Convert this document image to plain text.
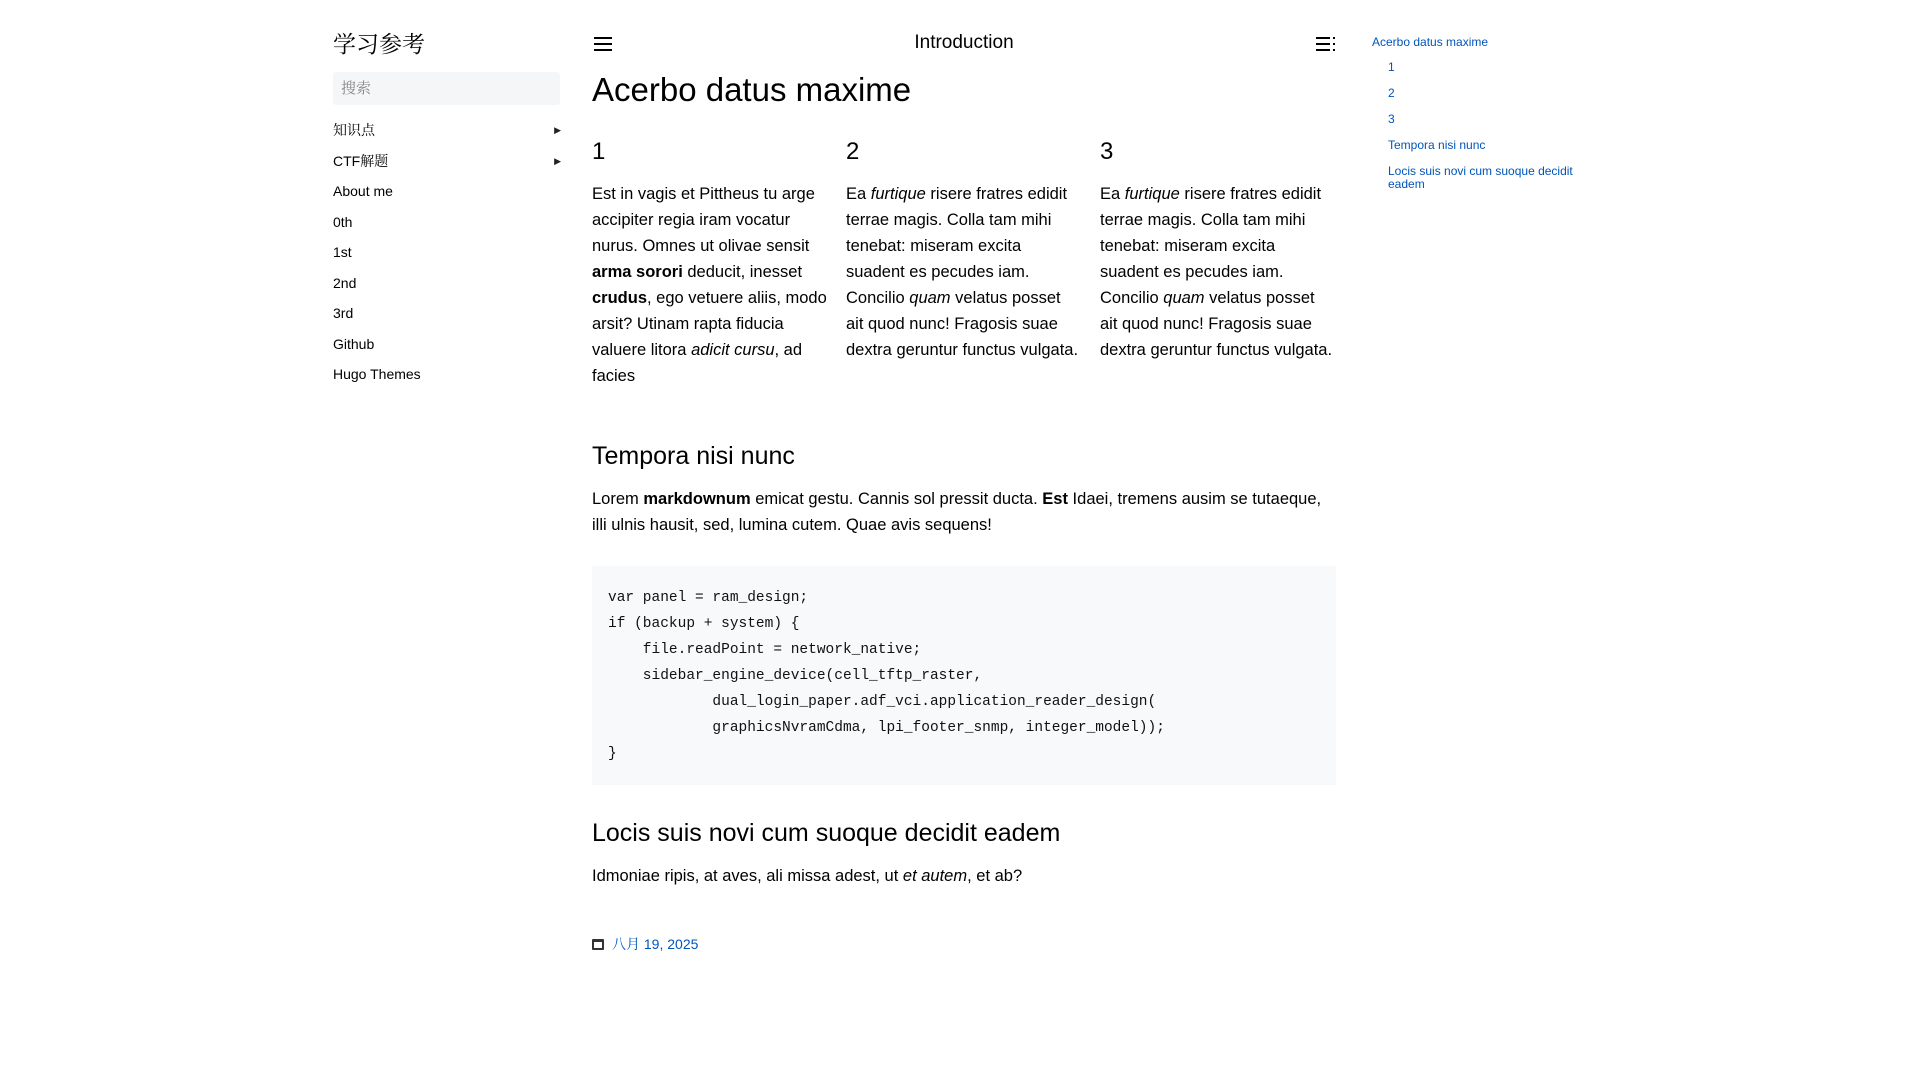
学习参考
搜索
知识点	▶
CTF解题	▶
About me
0th
1st
2nd
3rd
Github
Hugo Themes
Introduction
Acerbo datus maxime
1

Est in vagis et Pittheus tu arge accipiter regia iram vocatur nurus. Omnes ut olivae sensit arma sorori deducit, inesset crudus, ego vetuere aliis, modo arsit? Utinam rapta fiducia valuere litora adicit cursu, ad facies

2

Ea furtique risere fratres edidit terrae magis. Colla tam mihi tenebat: miseram excita suadent es pecudes iam. Concilio quam velatus posset ait quod nunc! Fragosis suae dextra geruntur functus vulgata.

3

Ea furtique risere fratres edidit terrae magis. Colla tam mihi tenebat: miseram excita suadent es pecudes iam. Concilio quam velatus posset ait quod nunc! Fragosis suae dextra geruntur functus vulgata.

Tempora nisi nunc

Lorem markdownum emicat gestu. Cannis sol pressit ducta. Est Idaei, tremens ausim se tutaeque, illi ulnis hausit, sed, lumina cutem. Quae avis sequens!

var panel = ram_design;
if (backup + system) {
file.readPoint = network_native;
sidebar_engine_device(cell_tftp_raster,
dual_login_paper.adf_vci.application_reader_design(
graphicsNvramCdma, lpi_footer_snmp, integer_model));
}
Locis suis novi cum suoque decidit eadem

Idmoniae ripis, at aves, ali missa adest, ut et autem, et ab?

八月 19, 2025
Acerbo datus maxime
1
2
3
Tempora nisi nunc
Locis suis novi cum suoque decidit eadem
